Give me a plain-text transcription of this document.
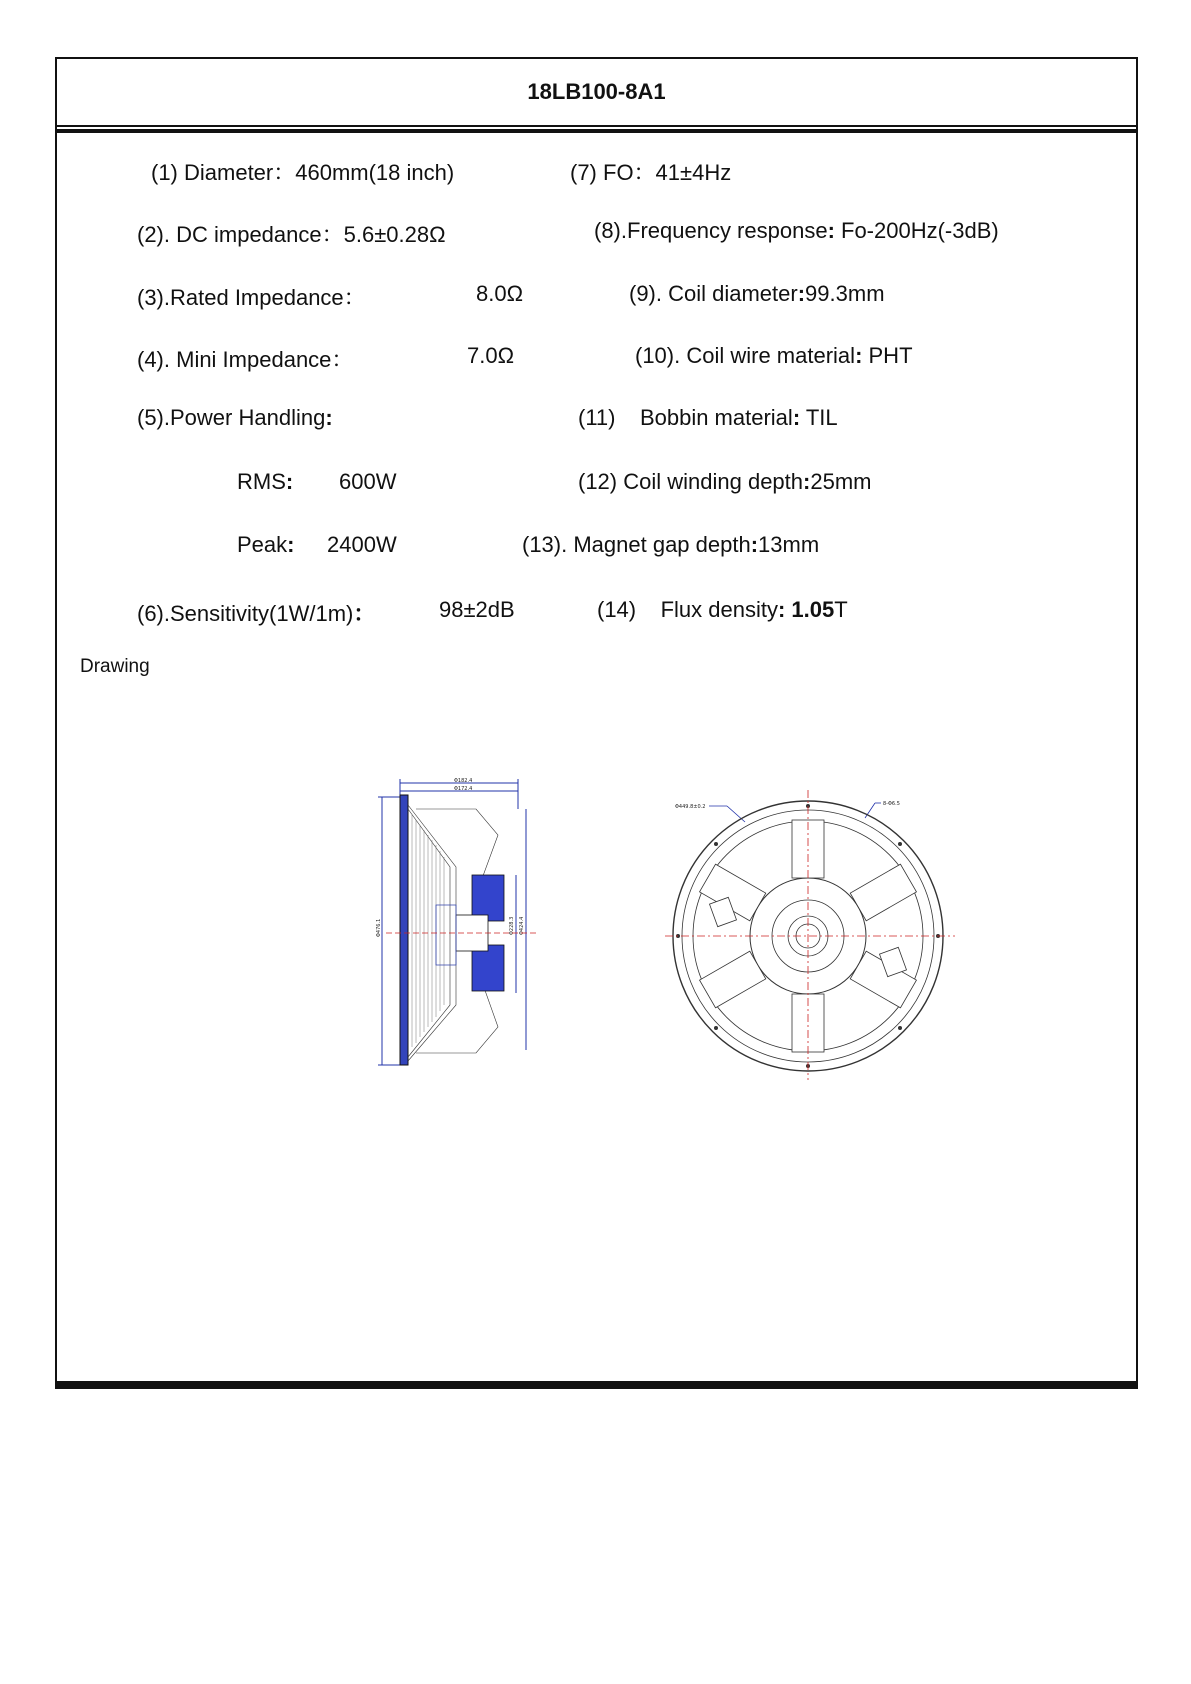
18LB100-8A1
(1) Diameter：460mm(18 inch)	(7) FO：41±4Hz
(2). DC impedance：5.6±0.28Ω	(8).Frequency response: Fo-200Hz(-3dB)
(3).Rated Impedance：	8.0Ω	(9). Coil diameter:99.3mm
(4). Mini Impedance：	7.0Ω	(10). Coil wire material: PHT
(5).Power Handling:	(11)    Bobbin material: TIL
RMS: 600W	(12) Coil winding depth:25mm
Peak: 2400W	(13). Magnet gap depth:13mm
(6).Sensitivity(1W/1m)：	98±2dB	(14)    Flux density: 1.05T
Drawing
Φ182.4
Φ172.4
Φ476.1	Φ228.3 Φ424.4
Φ449.8±0.2	8-Φ6.5
